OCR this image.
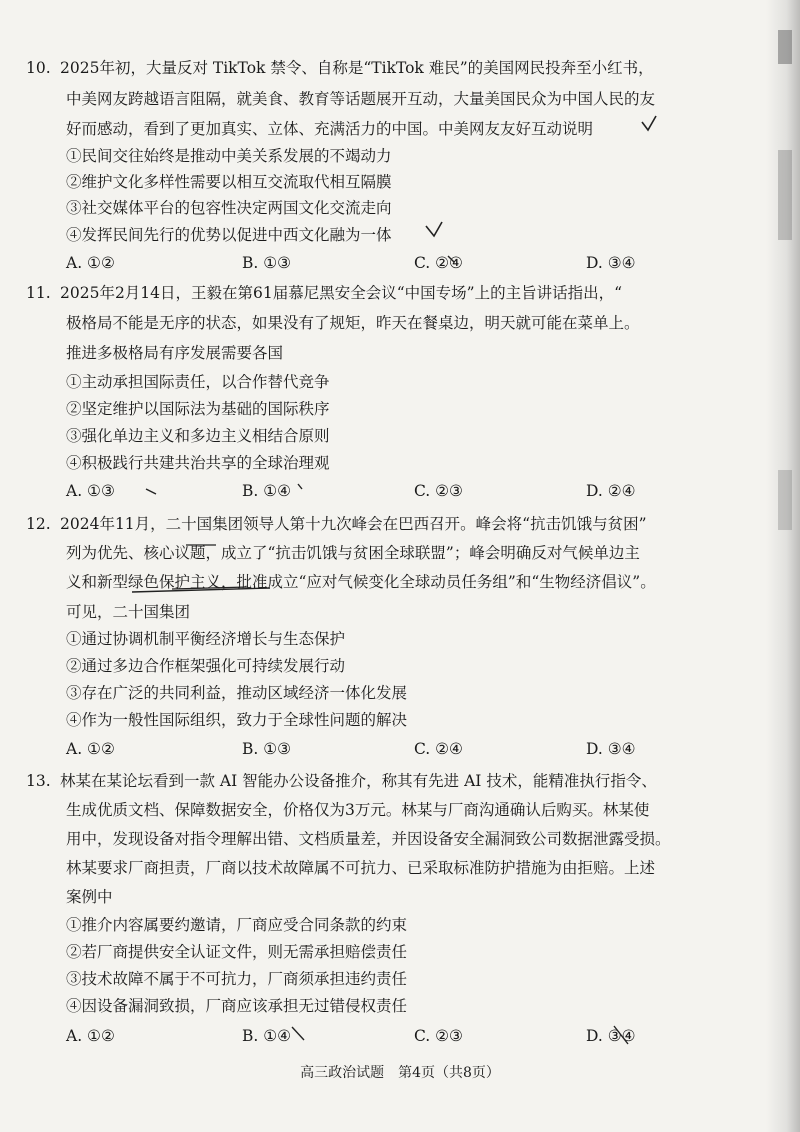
10. 2025年初，大量反对 TikTok 禁令、自称是“TikTok 难民”的美国网民投奔至小红书，
中美网友跨越语言阻隔，就美食、教育等话题展开互动，大量美国民众为中国人民的友
好而感动，看到了更加真实、立体、充满活力的中国。中美网友友好互动说明
①民间交往始终是推动中美关系发展的不竭动力
②维护文化多样性需要以相互交流取代相互隔膜
③社交媒体平台的包容性决定两国文化交流走向
④发挥民间先行的优势以促进中西文化融为一体
A. ①②	B. ①③	C. ②④	D. ③④
11. 2025年2月14日，王毅在第61届慕尼黑安全会议“中国专场”上的主旨讲话指出，“
极格局不能是无序的状态，如果没有了规矩，昨天在餐桌边，明天就可能在菜单上。
推进多极格局有序发展需要各国
①主动承担国际责任，以合作替代竞争
②坚定维护以国际法为基础的国际秩序
③强化单边主义和多边主义相结合原则
④积极践行共建共治共享的全球治理观
A. ①③	B. ①④	C. ②③	D. ②④
12. 2024年11月，二十国集团领导人第十九次峰会在巴西召开。峰会将“抗击饥饿与贫困”
列为优先、核心议题，成立了“抗击饥饿与贫困全球联盟”；峰会明确反对气候单边主
义和新型绿色保护主义，批准成立“应对气候变化全球动员任务组”和“生物经济倡议”。
可见，二十国集团
①通过协调机制平衡经济增长与生态保护
②通过多边合作框架强化可持续发展行动
③存在广泛的共同利益，推动区域经济一体化发展
④作为一般性国际组织，致力于全球性问题的解决
A. ①②	B. ①③	C. ②④	D. ③④
13. 林某在某论坛看到一款 AI 智能办公设备推介，称其有先进 AI 技术，能精准执行指令、
生成优质文档、保障数据安全，价格仅为3万元。林某与厂商沟通确认后购买。林某使
用中，发现设备对指令理解出错、文档质量差，并因设备安全漏洞致公司数据泄露受损。
林某要求厂商担责，厂商以技术故障属不可抗力、已采取标准防护措施为由拒赔。上述
案例中
①推介内容属要约邀请，厂商应受合同条款的约束
②若厂商提供安全认证文件，则无需承担赔偿责任
③技术故障不属于不可抗力，厂商须承担违约责任
④因设备漏洞致损，厂商应该承担无过错侵权责任
A. ①②	B. ①④	C. ②③	D. ③④
高三政治试题　第4页（共8页）
